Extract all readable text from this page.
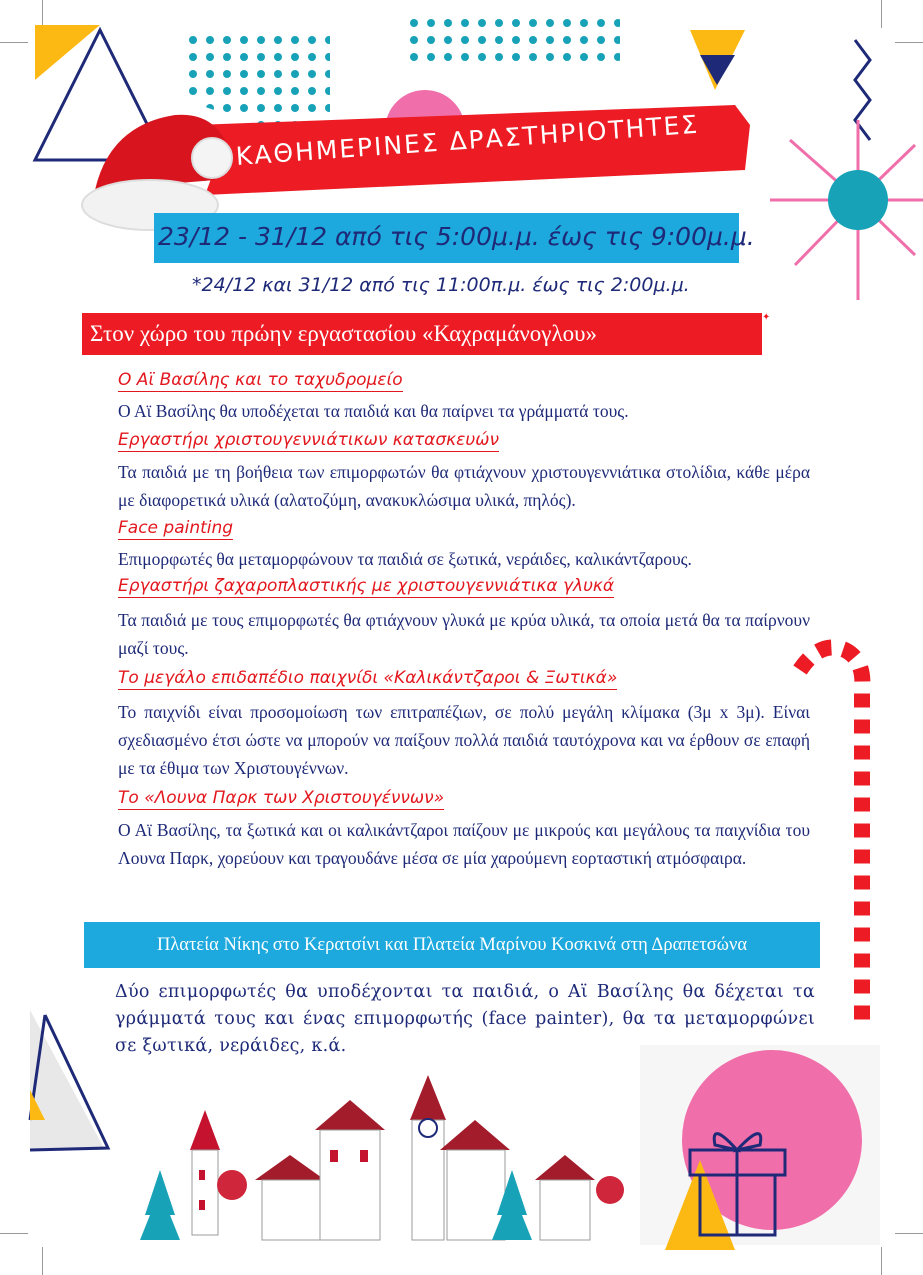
✦
ΚΑΘΗΜΕΡΙΝΕΣ ΔΡΑΣΤΗΡΙΟΤΗΤΕΣ
23/12 - 31/12 από τις 5:00μ.μ. έως τις 9:00μ.μ.
*24/12 και 31/12 από τις 11:00π.μ. έως τις 2:00μ.μ.
Στον χώρο του πρώην εργαστασίου «Καχραμάνογλου»
Ο Αϊ Βασίλης και το ταχυδρομείο
Ο Αϊ Βασίλης θα υποδέχεται τα παιδιά και θα παίρνει τα γράμματά τους.
Εργαστήρι χριστουγεννιάτικων κατασκευών
Τα παιδιά με τη βοήθεια των επιμορφωτών θα φτιάχνουν χριστουγεννιάτικα στολίδια, κάθε μέρα με διαφορετικά υλικά (αλατοζύμη, ανακυκλώσιμα υλικά, πηλός).
Face painting
Επιμορφωτές θα μεταμορφώνουν τα παιδιά σε ξωτικά, νεράιδες, καλικάντζαρους.
Εργαστήρι ζαχαροπλαστικής με χριστουγεννιάτικα γλυκά
Τα παιδιά με τους επιμορφωτές θα φτιάχνουν γλυκά με κρύα υλικά, τα οποία μετά θα τα παίρνουν μαζί τους.
Το μεγάλο επιδαπέδιο παιχνίδι «Καλικάντζαροι & Ξωτικά»
Το παιχνίδι είναι προσομοίωση των επιτραπέζιων, σε πολύ μεγάλη κλίμακα (3μ x 3μ). Είναι σχεδιασμένο έτσι ώστε να μπορούν να παίξουν πολλά παιδιά ταυτόχρονα και να έρθουν σε επαφή με τα έθιμα των Χριστουγέννων.
Το «Λουνα Παρκ των Χριστουγέννων»
Ο Αϊ Βασίλης, τα ξωτικά και οι καλικάντζαροι παίζουν με μικρούς και μεγάλους τα παιχνίδια του Λουνα Παρκ, χορεύουν και τραγουδάνε μέσα σε μία χαρούμενη εορταστική ατμόσφαιρα.
Πλατεία Νίκης στο Κερατσίνι και Πλατεία Μαρίνου Κοσκινά στη Δραπετσώνα
Δύο επιμορφωτές θα υποδέχονται τα παιδιά, ο Αϊ Βασίλης θα δέχεται τα γράμματά τους και ένας επιμορφωτής (face painter), θα τα μεταμορφώνει σε ξωτικά, νεράιδες, κ.ά.
